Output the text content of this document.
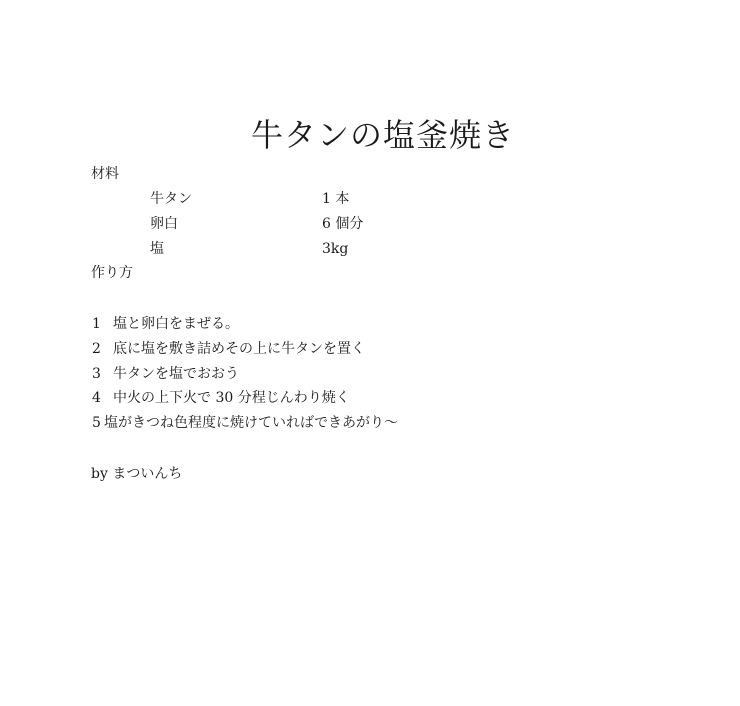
牛タンの塩釜焼き
材料
牛タン	1 本
卵白	6 個分
塩	3kg
作り方
1 塩と卵白をまぜる。
2 底に塩を敷き詰めその上に牛タンを置く
3 牛タンを塩でおおう
4 中火の上下火で 30 分程じんわり焼く
5 塩がきつね色程度に焼けていればできあがり～
by まついんち
